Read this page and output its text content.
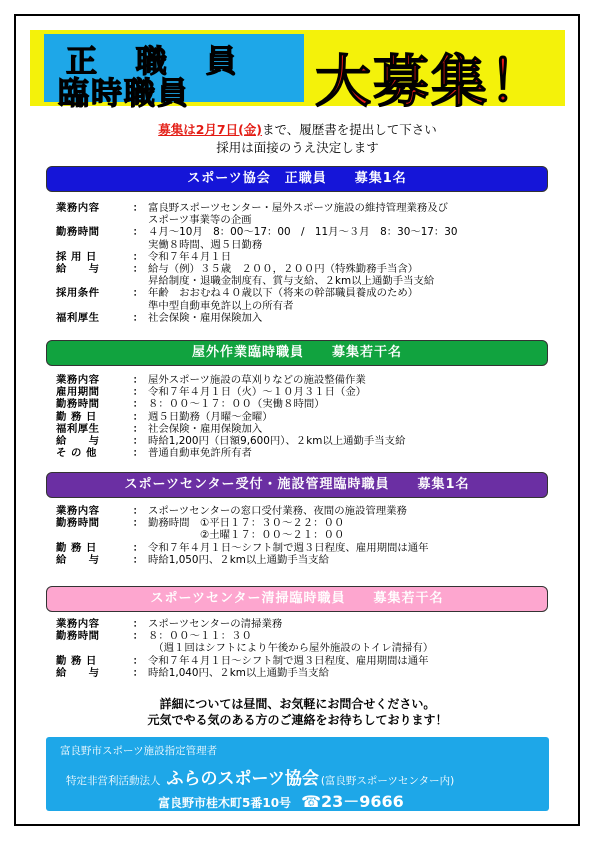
正 職 員
臨時職員 大募集！
募集は2月7日(金)まで、履歴書を提出して下さい
採用は面接のうえ決定します
スポーツ協会　正職員　　募集1名
業務内容	： 富良野スポーツセンター・屋外スポーツ施設の維持管理業務及び
スポーツ事業等の企画
勤務時間	： ４月～10月　8：00～17：00　/　11月～３月　8：30～17：30
実働８時間、週５日勤務
採 用 日	： 令和７年４月１日
給　　与	： 給与（例）３５歳　２００，２００円（特殊勤務手当含）
昇給制度・退職金制度有、賞与支給、２km以上通勤手当支給
採用条件	： 年齢　おおむね４０歳以下（将来の幹部職員養成のため）
準中型自動車免許以上の所有者
福利厚生	： 社会保険・雇用保険加入
屋外作業臨時職員　　募集若干名
業務内容	： 屋外スポーツ施設の草刈りなどの施設整備作業
雇用期間	： 令和７年４月１日（火）～１０月３１日（金）
勤務時間	： ８：００～１７：００（実働８時間）
勤 務 日	： 週５日勤務（月曜～金曜）
福利厚生	： 社会保険・雇用保険加入
給　　与	： 時給1,200円（日額9,600円）、２km以上通勤手当支給
そ の 他	： 普通自動車免許所有者
スポーツセンター受付・施設管理臨時職員　　募集1名
業務内容	： スポーツセンターの窓口受付業務、夜間の施設管理業務
勤務時間	： 勤務時間　①平日１７：３０～２２：００
　　　　　②土曜１７：００～２１：００
勤 務 日	： 令和７年４月１日～シフト制で週３日程度、雇用期間は通年
給　　与	： 時給1,050円、２km以上通勤手当支給
スポーツセンター清掃臨時職員　　募集若干名
業務内容	： スポーツセンターの清掃業務
勤務時間	： ８：００～１１：３０
　（週１回はシフトにより午後から屋外施設のトイレ清掃有）
勤 務 日	： 令和７年４月１日～シフト制で週３日程度、雇用期間は通年
給　　与	： 時給1,040円、２km以上通勤手当支給
詳細については昼間、お気軽にお問合せください。
元気でやる気のある方のご連絡をお待ちしております！
富良野市スポーツ施設指定管理者
特定非営利活動法人 ふらのスポーツ協会 (富良野スポーツセンター内)
富良野市桂木町5番10号 ☎23－9666
